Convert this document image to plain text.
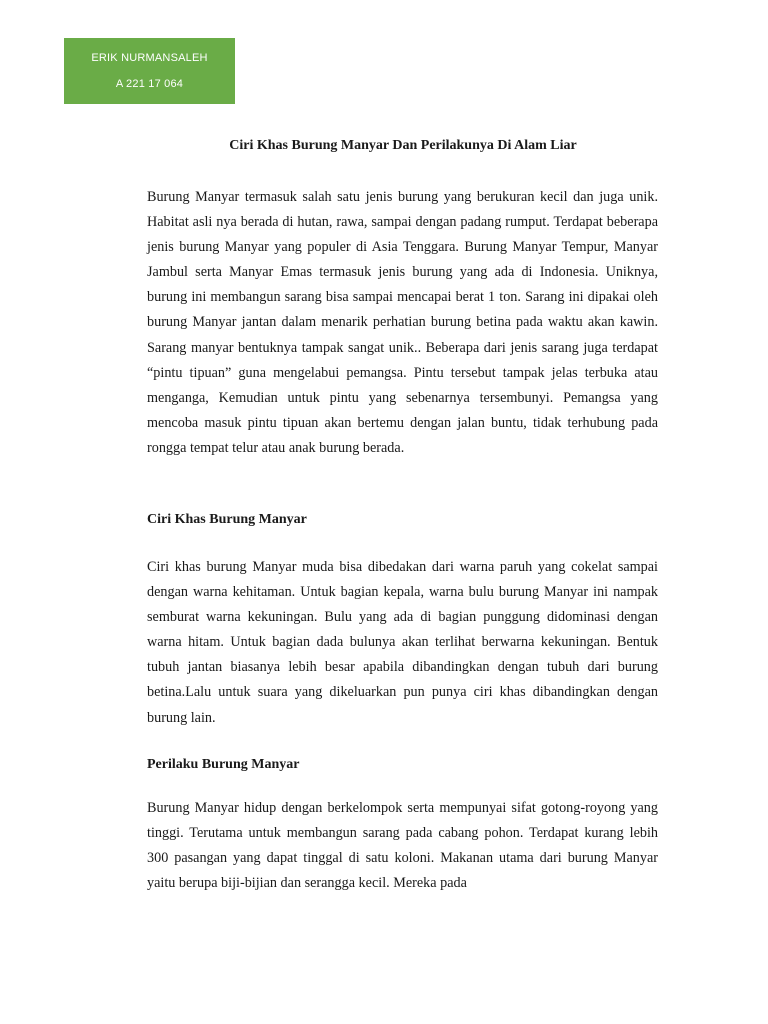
ERIK NURMANSALEH
A 221 17 064
Ciri Khas Burung Manyar Dan Perilakunya Di Alam Liar

Burung Manyar termasuk salah satu jenis burung yang berukuran kecil dan juga unik. Habitat asli nya berada di hutan, rawa, sampai dengan padang rumput. Terdapat beberapa jenis burung Manyar yang populer di Asia Tenggara. Burung Manyar Tempur, Manyar Jambul serta Manyar Emas termasuk jenis burung yang ada di Indonesia. Uniknya, burung ini membangun sarang bisa sampai mencapai berat 1 ton. Sarang ini dipakai oleh burung Manyar jantan dalam menarik perhatian burung betina pada waktu akan kawin. Sarang manyar bentuknya tampak sangat unik.. Beberapa dari jenis sarang juga terdapat “pintu tipuan” guna mengelabui pemangsa. Pintu tersebut tampak jelas terbuka atau menganga, Kemudian untuk pintu yang sebenarnya tersembunyi. Pemangsa yang mencoba masuk pintu tipuan akan bertemu dengan jalan buntu, tidak terhubung pada rongga tempat telur atau anak burung berada.

Ciri Khas Burung Manyar

Ciri khas burung Manyar muda bisa dibedakan dari warna paruh yang cokelat sampai dengan warna kehitaman. Untuk bagian kepala, warna bulu burung Manyar ini nampak semburat warna kekuningan. Bulu yang ada di bagian punggung didominasi dengan warna hitam. Untuk bagian dada bulunya akan terlihat berwarna kekuningan. Bentuk tubuh jantan biasanya lebih besar apabila dibandingkan dengan tubuh dari burung betina.Lalu untuk suara yang dikeluarkan pun punya ciri khas dibandingkan dengan burung lain.

Perilaku Burung Manyar

Burung Manyar hidup dengan berkelompok serta mempunyai sifat gotong-royong yang tinggi. Terutama untuk membangun sarang pada cabang pohon. Terdapat kurang lebih 300 pasangan yang dapat tinggal di satu koloni. Makanan utama dari burung Manyar yaitu berupa biji-bijian dan serangga kecil. Mereka pada
